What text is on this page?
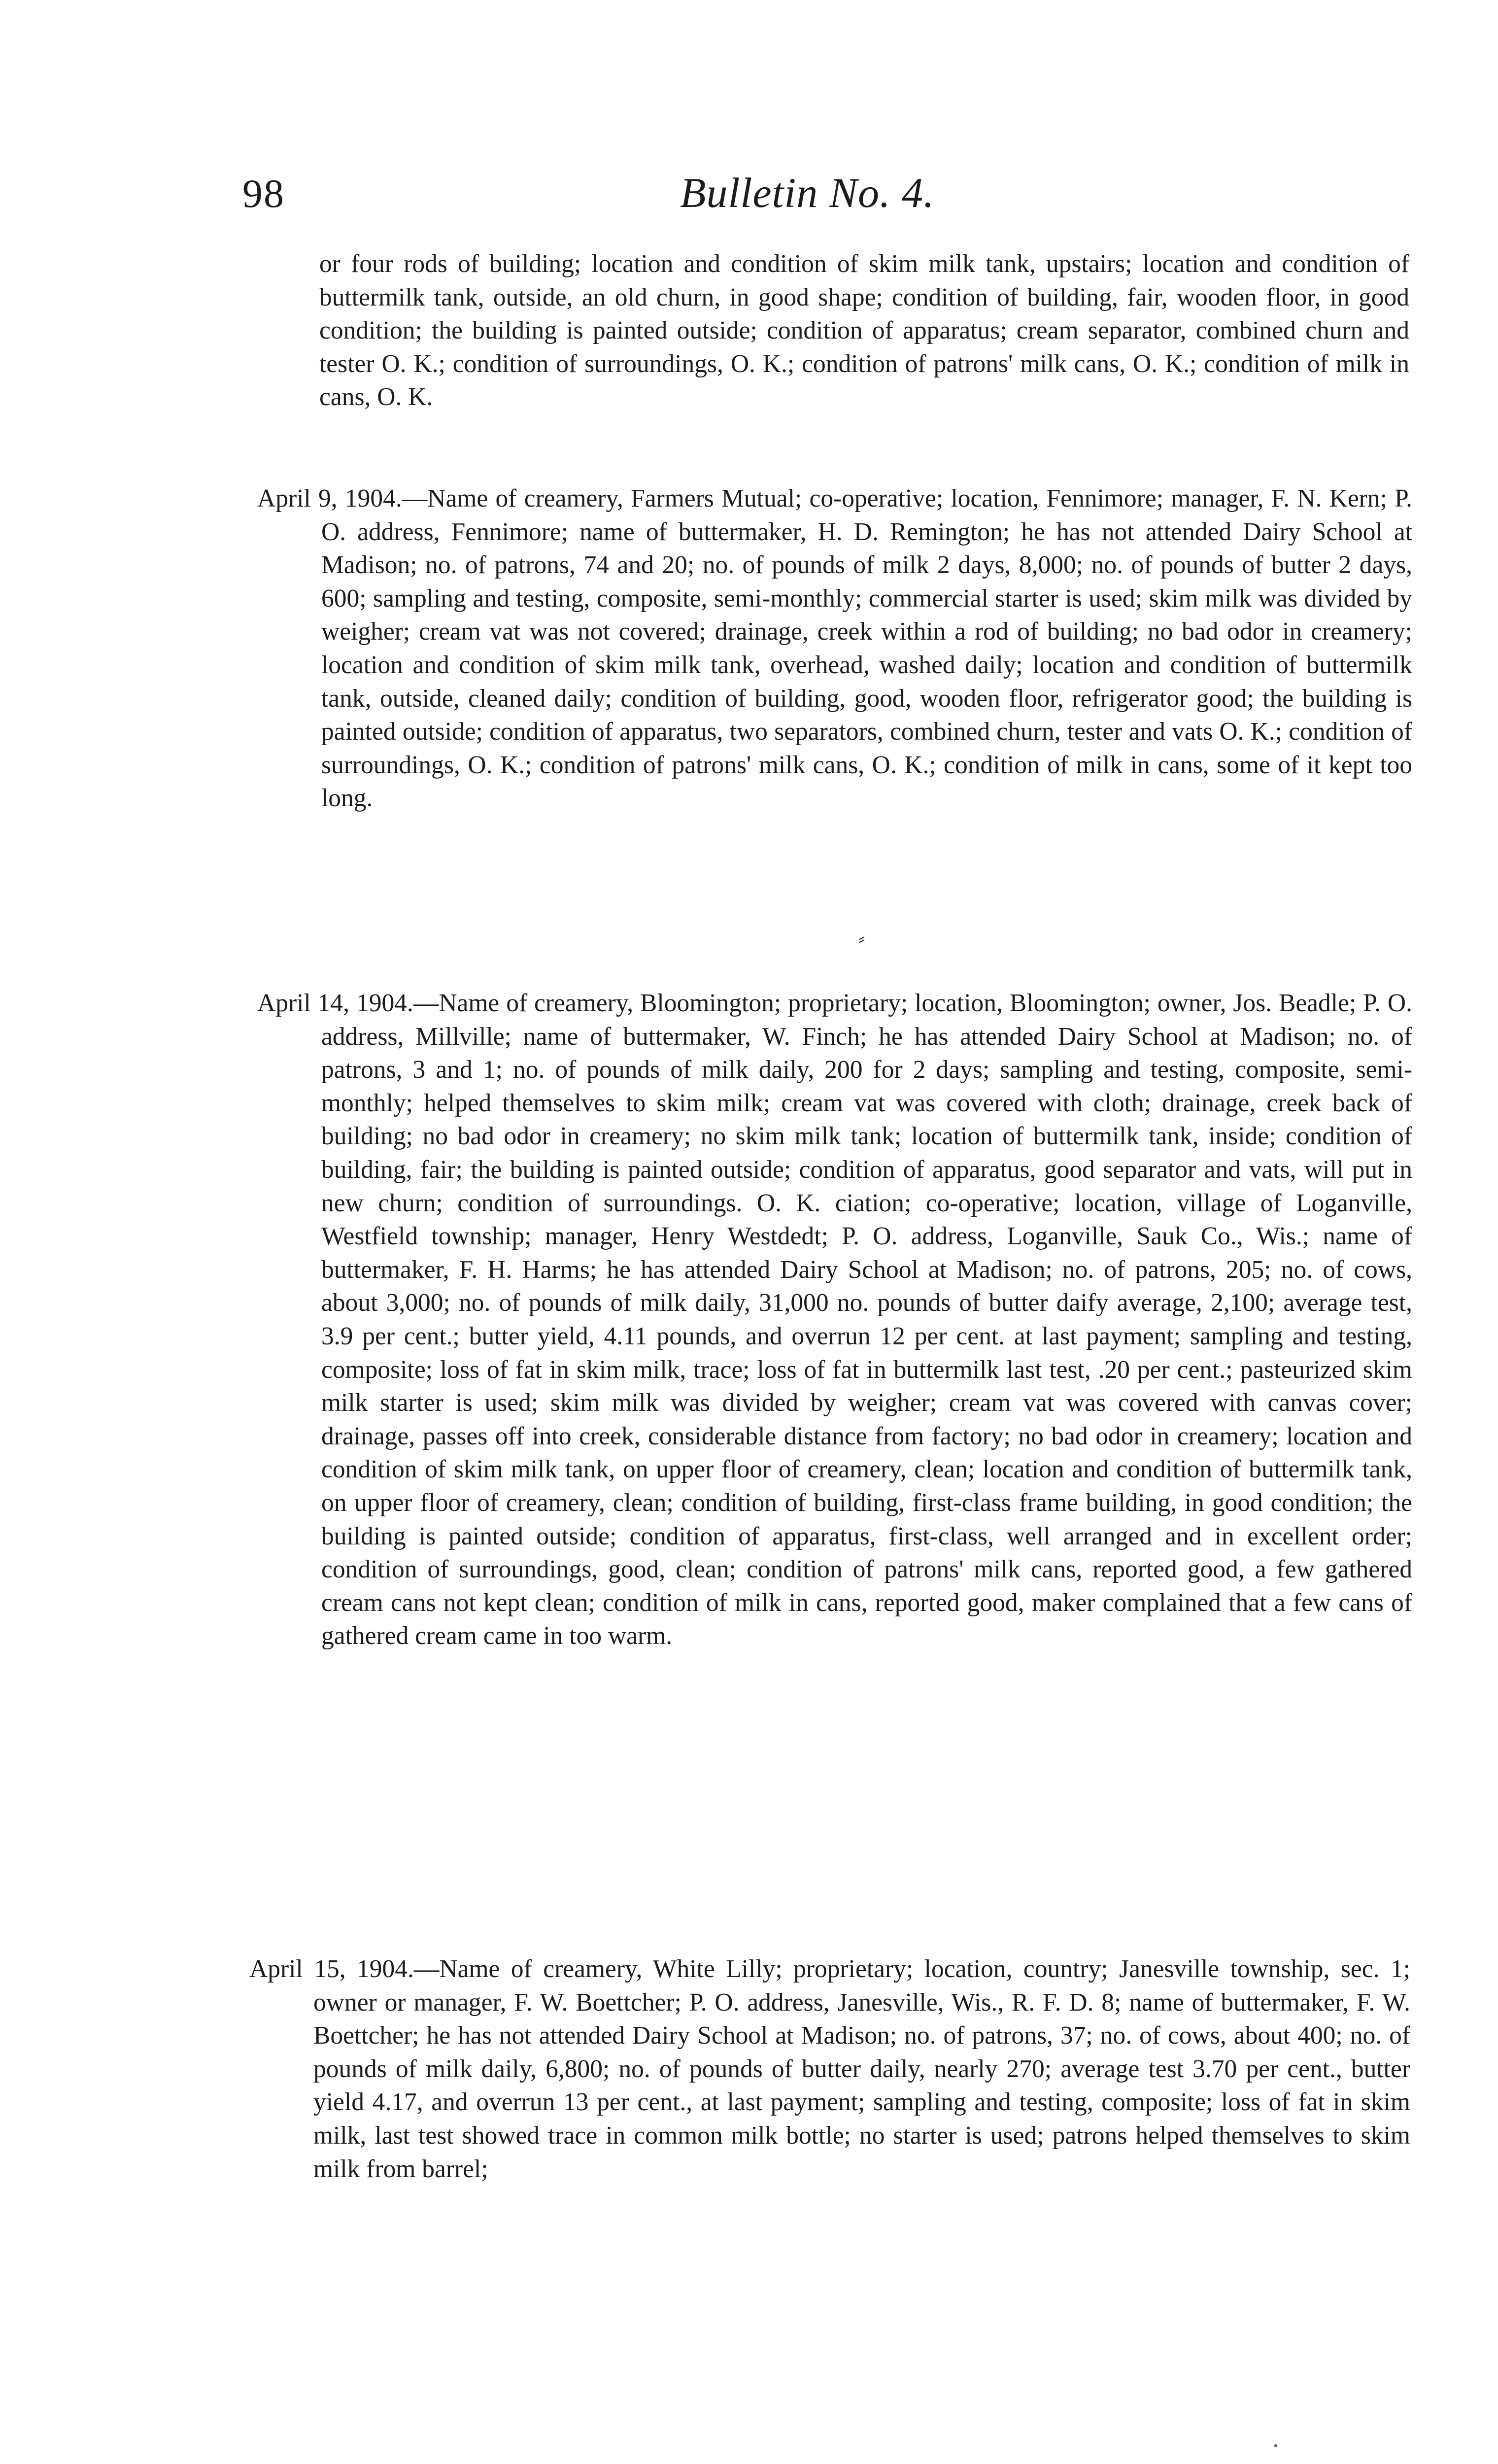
98	Bulletin No. 4.

or four rods of building; location and condition of skim milk tank, upstairs; location and condition of buttermilk tank, outside, an old churn, in good shape; condition of building, fair, wooden floor, in good condition; the building is painted outside; condition of apparatus; cream separator, combined churn and tester O. K.; condition of surroundings, O. K.; condition of patrons' milk cans, O. K.; condition of milk in cans, O. K.

April 9, 1904.—Name of creamery, Farmers Mutual; co-operative; location, Fennimore; manager, F. N. Kern; P. O. address, Fennimore; name of buttermaker, H. D. Remington; he has not attended Dairy School at Madison; no. of patrons, 74 and 20; no. of pounds of milk 2 days, 8,000; no. of pounds of butter 2 days, 600; sampling and testing, composite, semi-monthly; commercial starter is used; skim milk was divided by weigher; cream vat was not covered; drainage, creek within a rod of building; no bad odor in creamery; location and condition of skim milk tank, overhead, washed daily; location and condition of buttermilk tank, outside, cleaned daily; condition of building, good, wooden floor, refrigerator good; the building is painted outside; condition of apparatus, two separators, combined churn, tester and vats O. K.; condition of surroundings, O. K.; condition of patrons' milk cans, O. K.; condition of milk in cans, some of it kept too long.

⸗

April 14, 1904.—Name of creamery, Bloomington; proprietary; location, Bloomington; owner, Jos. Beadle; P. O. address, Millville; name of buttermaker, W. Finch; he has attended Dairy School at Madison; no. of patrons, 3 and 1; no. of pounds of milk daily, 200 for 2 days; sampling and testing, composite, semi-monthly; helped themselves to skim milk; cream vat was covered with cloth; drainage, creek back of building; no bad odor in creamery; no skim milk tank; location of buttermilk tank, inside; condition of building, fair; the building is painted outside; condition of apparatus, good separator and vats, will put in new churn; condition of surroundings. O. K. ciation; co-operative; location, village of Loganville, Westfield township; manager, Henry Westdedt; P. O. address, Loganville, Sauk Co., Wis.; name of buttermaker, F. H. Harms; he has attended Dairy School at Madison; no. of patrons, 205; no. of cows, about 3,000; no. of pounds of milk daily, 31,000 no. pounds of butter daify average, 2,100; average test, 3.9 per cent.; butter yield, 4.11 pounds, and overrun 12 per cent. at last payment; sampling and testing, composite; loss of fat in skim milk, trace; loss of fat in buttermilk last test, .20 per cent.; pasteurized skim milk starter is used; skim milk was divided by weigher; cream vat was covered with canvas cover; drainage, passes off into creek, considerable distance from factory; no bad odor in creamery; location and condition of skim milk tank, on upper floor of creamery, clean; location and condition of buttermilk tank, on upper floor of creamery, clean; condition of building, first-class frame building, in good condition; the building is painted outside; condition of apparatus, first-class, well arranged and in excellent order; condition of surroundings, good, clean; condition of patrons' milk cans, reported good, a few gathered cream cans not kept clean; condition of milk in cans, reported good, maker complained that a few cans of gathered cream came in too warm.

April 15, 1904.—Name of creamery, White Lilly; proprietary; location, country; Janesville township, sec. 1; owner or manager, F. W. Boettcher; P. O. address, Janesville, Wis., R. F. D. 8; name of buttermaker, F. W. Boettcher; he has not attended Dairy School at Madison; no. of patrons, 37; no. of cows, about 400; no. of pounds of milk daily, 6,800; no. of pounds of butter daily, nearly 270; average test 3.70 per cent., butter yield 4.17, and overrun 13 per cent., at last payment; sampling and testing, composite; loss of fat in skim milk, last test showed trace in common milk bottle; no starter is used; patrons helped themselves to skim milk from barrel;
